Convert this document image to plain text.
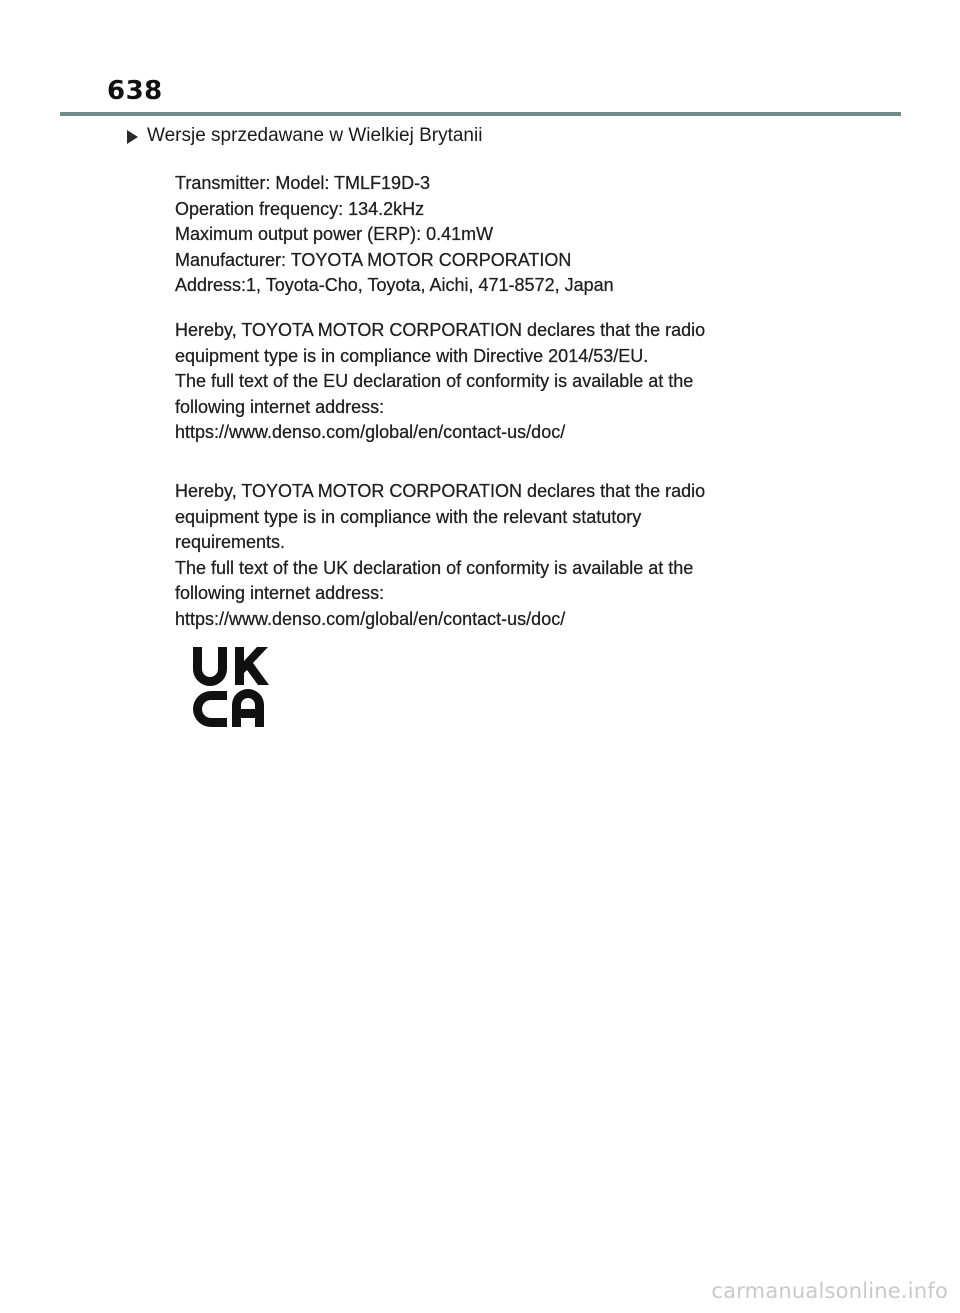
638
Wersje sprzedawane w Wielkiej Brytanii
Transmitter: Model: TMLF19D-3
Operation frequency: 134.2kHz
Maximum output power (ERP): 0.41mW
Manufacturer: TOYOTA MOTOR CORPORATION
Address:1, Toyota-Cho, Toyota, Aichi, 471-8572, Japan
Hereby, TOYOTA MOTOR CORPORATION declares that the radio
equipment type is in compliance with Directive 2014/53/EU.
The full text of the EU declaration of conformity is available at the
following internet address:
https://www.denso.com/global/en/contact-us/doc/
Hereby, TOYOTA MOTOR CORPORATION declares that the radio
equipment type is in compliance with the relevant statutory
requirements.
The full text of the UK declaration of conformity is available at the
following internet address:
https://www.denso.com/global/en/contact-us/doc/
carmanualsonline.info
